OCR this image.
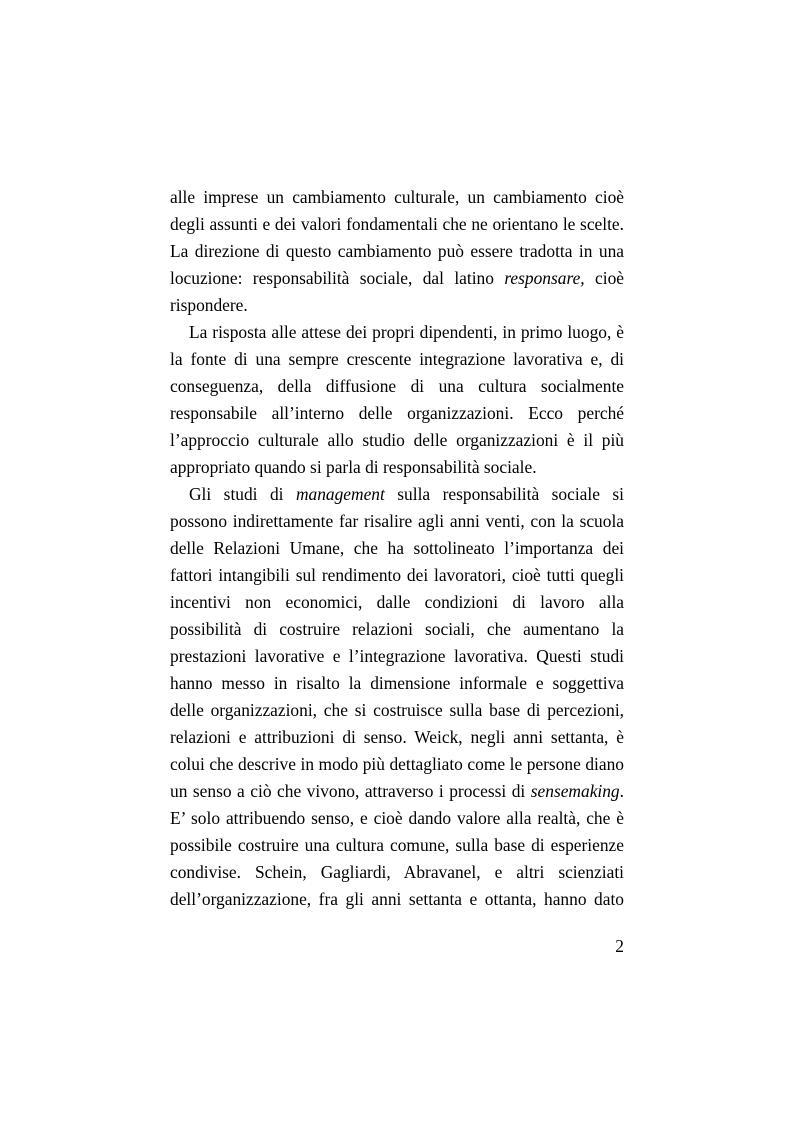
alle imprese un cambiamento culturale, un cambiamento cioè

degli assunti e dei valori fondamentali che ne orientano le scelte.

La direzione di questo cambiamento può essere tradotta in una

locuzione: responsabilità sociale, dal latino responsare, cioè

rispondere.

La risposta alle attese dei propri dipendenti, in primo luogo, è

la fonte di una sempre crescente integrazione lavorativa e, di

conseguenza, della diffusione di una cultura socialmente

responsabile all’interno delle organizzazioni. Ecco perché

l’approccio culturale allo studio delle organizzazioni è il più

appropriato quando si parla di responsabilità sociale.

Gli studi di management sulla responsabilità sociale si

possono indirettamente far risalire agli anni venti, con la scuola

delle Relazioni Umane, che ha sottolineato l’importanza dei

fattori intangibili sul rendimento dei lavoratori, cioè tutti quegli

incentivi non economici, dalle condizioni di lavoro alla

possibilità di costruire relazioni sociali, che aumentano la

prestazioni lavorative e l’integrazione lavorativa. Questi studi

hanno messo in risalto la dimensione informale e soggettiva

delle organizzazioni, che si costruisce sulla base di percezioni,

relazioni e attribuzioni di senso. Weick, negli anni settanta, è

colui che descrive in modo più dettagliato come le persone diano

un senso a ciò che vivono, attraverso i processi di sensemaking.

E’ solo attribuendo senso, e cioè dando valore alla realtà, che è

possibile costruire una cultura comune, sulla base di esperienze

condivise. Schein, Gagliardi, Abravanel, e altri scienziati

dell’organizzazione, fra gli anni settanta e ottanta, hanno dato

2
